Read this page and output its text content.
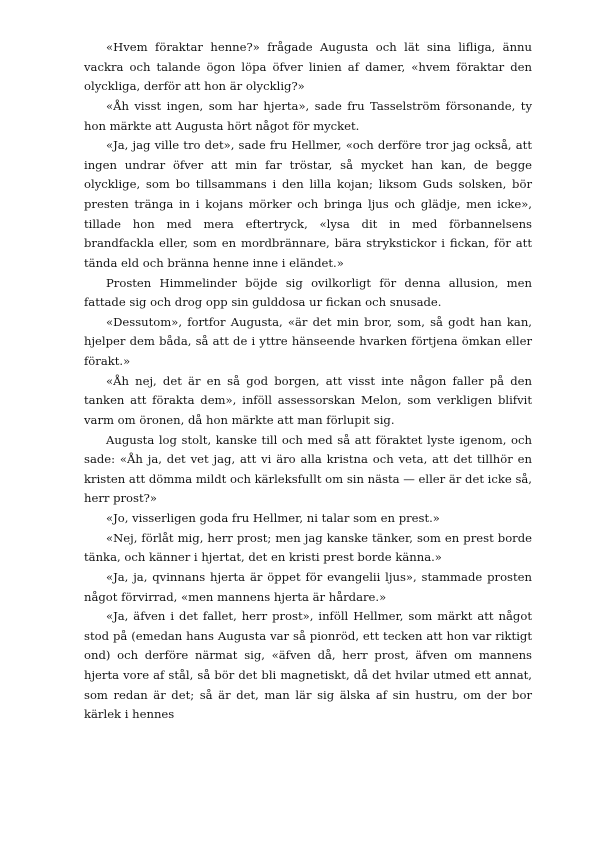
«Hvem föraktar henne?» frågade Augusta och lät sina lifliga, ännu vackra och talande ögon löpa öfver linien af damer, «hvem föraktar den olyckliga, derför att hon är olycklig?»

«Åh visst ingen, som har hjerta», sade fru Tasselström försonande, ty hon märkte att Augusta hört något för mycket.

«Ja, jag ville tro det», sade fru Hellmer, «och derföre tror jag också, att ingen undrar öfver att min far tröstar, så mycket han kan, de begge olycklige, som bo tillsammans i den lilla kojan; liksom Guds solsken, bör presten tränga in i kojans mörker och bringa ljus och glädje, men icke», tillade hon med mera eftertryck, «lysa dit in med förbannelsens brandfackla eller, som en mordbrännare, bära strykstickor i fickan, för att tända eld och bränna henne inne i eländet.»

Prosten Himmelinder böjde sig ovilkorligt för denna allusion, men fattade sig och drog opp sin gulddosa ur fickan och snusade.

«Dessutom», fortfor Augusta, «är det min bror, som, så godt han kan, hjelper dem båda, så att de i yttre hänseende hvarken förtjena ömkan eller förakt.»

«Åh nej, det är en så god borgen, att visst inte någon faller på den tanken att förakta dem», inföll assessorskan Melon, som verkligen blifvit varm om öronen, då hon märkte att man förlupit sig.

Augusta log stolt, kanske till och med så att föraktet lyste igenom, och sade: «Åh ja, det vet jag, att vi äro alla kristna och veta, att det tillhör en kristen att dömma mildt och kärleksfullt om sin nästa — eller är det icke så, herr prost?»

«Jo, visserligen goda fru Hellmer, ni talar som en prest.»

«Nej, förlåt mig, herr prost; men jag kanske tänker, som en prest borde tänka, och känner i hjertat, det en kristi prest borde känna.»

«Ja, ja, qvinnans hjerta är öppet för evangelii ljus», stammade prosten något förvirrad, «men mannens hjerta är hårdare.»

«Ja, äfven i det fallet, herr prost», inföll Hellmer, som märkt att något stod på (emedan hans Augusta var så pionröd, ett tecken att hon var riktigt ond) och derföre närmat sig, «äfven då, herr prost, äfven om mannens hjerta vore af stål, så bör det bli magnetiskt, då det hvilar utmed ett annat, som redan är det; så är det, man lär sig älska af sin hustru, om der bor kärlek i hennes
